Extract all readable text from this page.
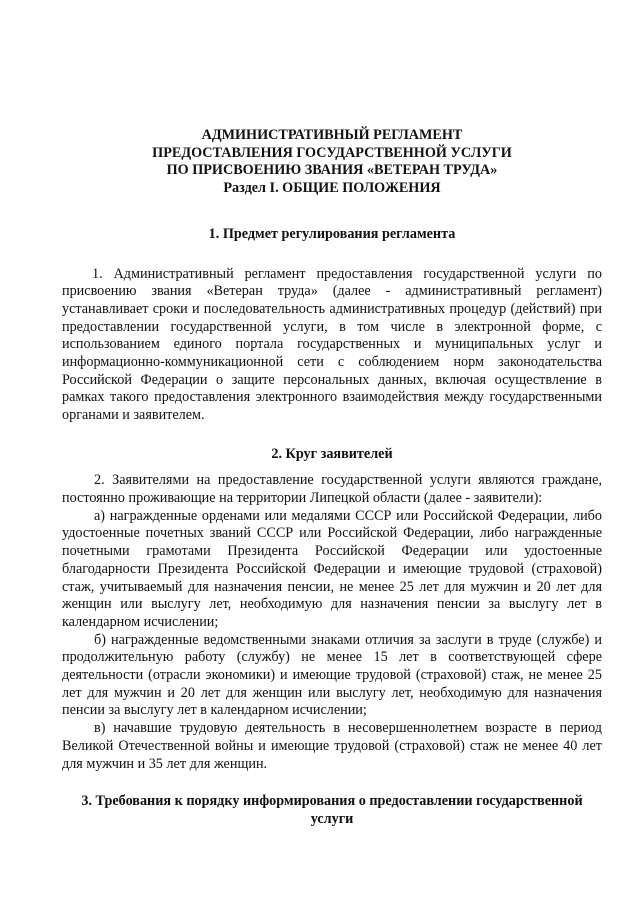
АДМИНИСТРАТИВНЫЙ РЕГЛАМЕНТ
ПРЕДОСТАВЛЕНИЯ ГОСУДАРСТВЕННОЙ УСЛУГИ
ПО ПРИСВОЕНИЮ ЗВАНИЯ «ВЕТЕРАН ТРУДА»
Раздел I. ОБЩИЕ ПОЛОЖЕНИЯ
1. Предмет регулирования регламента
1. Административный регламент предоставления государственной услуги по присвоению звания «Ветеран труда» (далее - административный регламент) устанавливает сроки и последовательность административных процедур (действий) при предоставлении государственной услуги, в том числе в электронной форме, с использованием единого портала государственных и муниципальных услуг и информационно-коммуникационной сети с соблюдением норм законодательства Российской Федерации о защите персональных данных, включая осуществление в рамках такого предоставления электронного взаимодействия между государственными органами и заявителем.
2. Круг заявителей
2. Заявителями на предоставление государственной услуги являются граждане, постоянно проживающие на территории Липецкой области (далее - заявители):
а) награжденные орденами или медалями СССР или Российской Федерации, либо удостоенные почетных званий СССР или Российской Федерации, либо награжденные почетными грамотами Президента Российской Федерации или удостоенные благодарности Президента Российской Федерации и имеющие трудовой (страховой) стаж, учитываемый для назначения пенсии, не менее 25 лет для мужчин и 20 лет для женщин или выслугу лет, необходимую для назначения пенсии за выслугу лет в календарном исчислении;
б) награжденные ведомственными знаками отличия за заслуги в труде (службе) и продолжительную работу (службу) не менее 15 лет в соответствующей сфере деятельности (отрасли экономики) и имеющие трудовой (страховой) стаж, не менее 25 лет для мужчин и 20 лет для женщин или выслугу лет, необходимую для назначения пенсии за выслугу лет в календарном исчислении;
в) начавшие трудовую деятельность в несовершеннолетнем возрасте в период Великой Отечественной войны и имеющие трудовой (страховой) стаж не менее 40 лет для мужчин и 35 лет для женщин.
3. Требования к порядку информирования о предоставлении государственной
услуги
